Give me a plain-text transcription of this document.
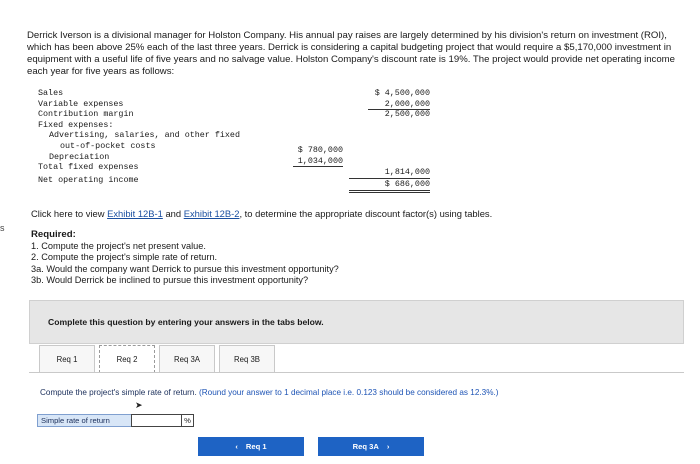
s

Derrick Iverson is a divisional manager for Holston Company. His annual pay raises are largely determined by his division's return on investment (ROI), which has been above 25% each of the last three years. Derrick is considering a capital budgeting project that would require a $5,170,000 investment in equipment with a useful life of five years and no salvage value. Holston Company's discount rate is 19%. The project would provide net operating income each year for five years as follows:

Sales	$ 4,500,000
Variable expenses	2,000,000
Contribution margin	2,500,000
Fixed expenses:
Advertising, salaries, and other fixed
out-of-pocket costs	$ 780,000
Depreciation	1,034,000
Total fixed expenses	1,814,000
Net operating income	$ 686,000
Click here to view Exhibit 12B-1 and Exhibit 12B-2, to determine the appropriate discount factor(s) using tables.
Required:
1. Compute the project's net present value.
2. Compute the project's simple rate of return.
3a. Would the company want Derrick to pursue this investment opportunity?
3b. Would Derrick be inclined to pursue this investment opportunity?
Complete this question by entering your answers in the tabs below.
Req 1	Req 2	Req 3A	Req 3B

Compute the project's simple rate of return. (Round your answer to 1 decimal place i.e. 0.123 should be considered as 12.3%.)

➤
Simple rate of return	%
‹ Req 1	Req 3A ›
